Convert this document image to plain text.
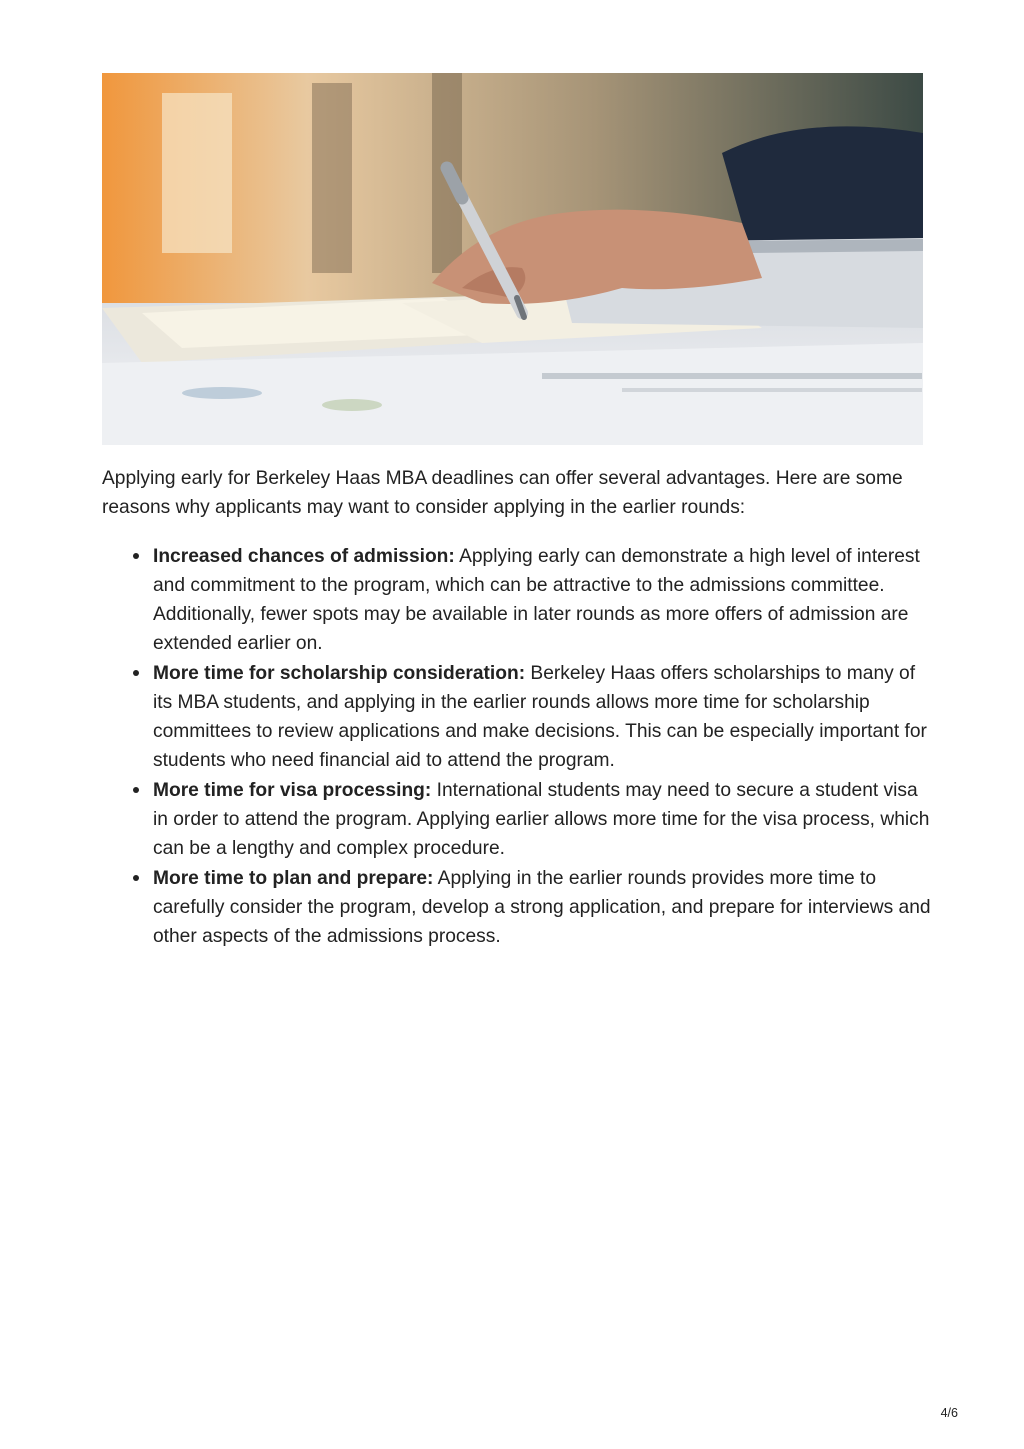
Applying early for Berkeley Haas MBA deadlines can offer several advantages. Here are some reasons why applicants may want to consider applying in the earlier rounds:

Increased chances of admission: Applying early can demonstrate a high level of interest and commitment to the program, which can be attractive to the admissions committee. Additionally, fewer spots may be available in later rounds as more offers of admission are extended earlier on.
More time for scholarship consideration: Berkeley Haas offers scholarships to many of its MBA students, and applying in the earlier rounds allows more time for scholarship committees to review applications and make decisions. This can be especially important for students who need financial aid to attend the program.
More time for visa processing: International students may need to secure a student visa in order to attend the program. Applying earlier allows more time for the visa process, which can be a lengthy and complex procedure.
More time to plan and prepare: Applying in the earlier rounds provides more time to carefully consider the program, develop a strong application, and prepare for interviews and other aspects of the admissions process.
4/6
